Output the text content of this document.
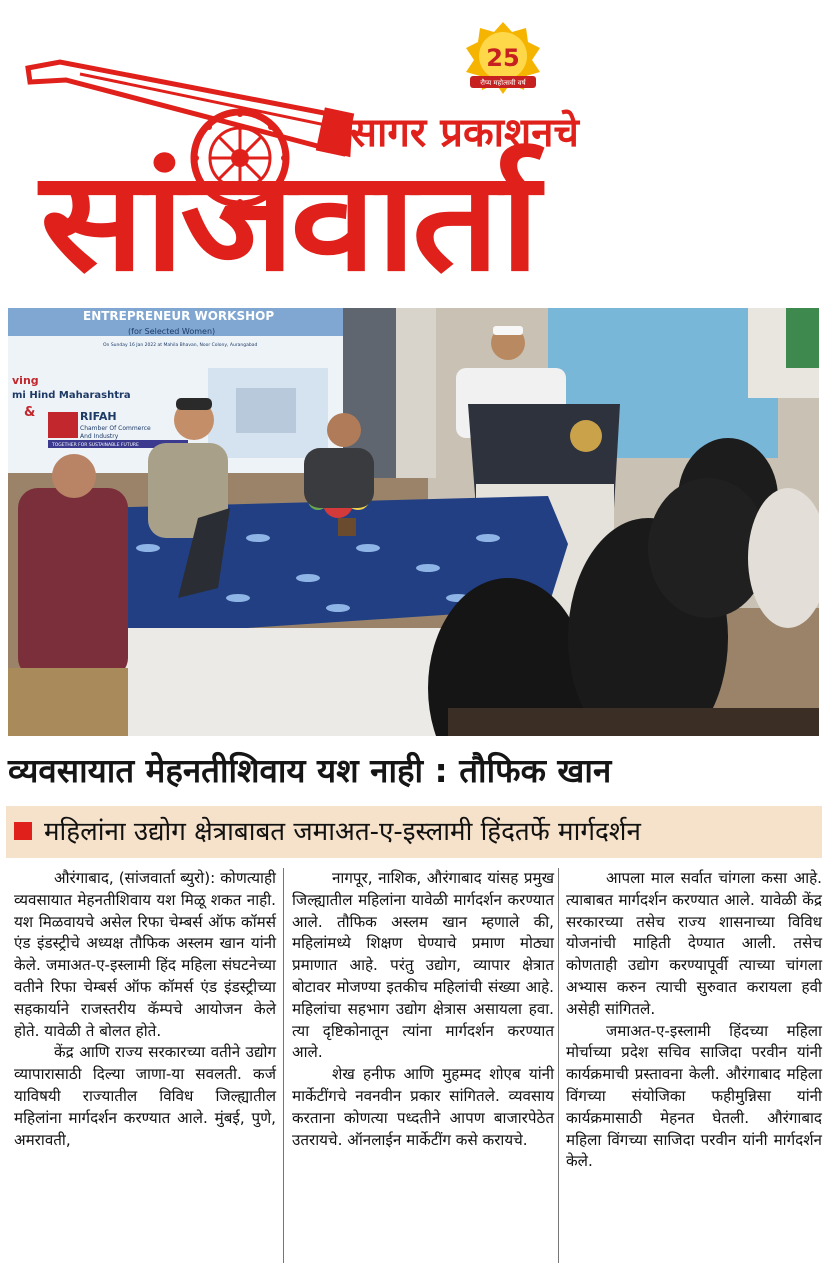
25
रौप्य महोत्सवी वर्ष
सागर प्रकाशनचे
सांजवार्ता
ENTREPRENEUR WORKSHOP
(for Selected Women)
On Sunday 16 Jan 2022 at Mahila Bhavan, Noor Colony, Aurangabad
ving
mi Hind Maharashtra
&	RIFAH
Chamber Of Commerce
And Industry
TOGETHER FOR SUSTAINABLE FUTURE
व्यवसायात मेहनतीशिवाय यश नाही : तौफिक खान
महिलांना उद्योग क्षेत्राबाबत जमाअत-ए-इस्लामी हिंदतर्फे मार्गदर्शन

औरंगाबाद, (सांजवार्ता ब्युरो): कोणत्याही व्यवसायात मेहनतीशिवाय यश मिळू शकत नाही. यश मिळवायचे असेल रिफा चेम्बर्स ऑफ कॉमर्स एंड इंडस्ट्रीचे अध्यक्ष तौफिक अस्लम खान यांनी केले. जमाअत-ए-इस्लामी हिंद महिला संघटनेच्या वतीने रिफा चेम्बर्स ऑफ कॉमर्स एंड इंडस्ट्रीच्या सहकार्याने राजस्तरीय कॅम्पचे आयोजन केले होते. यावेळी ते बोलत होते.

केंद्र आणि राज्य सरकारच्या वतीने उद्योग व्यापारासाठी दिल्या जाणा-या सवलती. कर्ज याविषयी राज्यातील विविध जिल्ह्यातील महिलांना मार्गदर्शन करण्यात आले. मुंबई, पुणे, अमरावती,

नागपूर, नाशिक, औरंगाबाद यांसह प्रमुख जिल्ह्यातील महिलांना यावेळी मार्गदर्शन करण्यात आले. तौफिक अस्लम खान म्हणाले की, महिलांमध्ये शिक्षण घेण्याचे प्रमाण मोठ्या प्रमाणात आहे. परंतु उद्योग, व्यापार क्षेत्रात बोटावर मोजण्या इतकीच महिलांची संख्या आहे. महिलांचा सहभाग उद्योग क्षेत्रास असायला हवा. त्या दृष्टिकोनातून त्यांना मार्गदर्शन करण्यात आले.

शेख हनीफ आणि मुहम्मद शोएब यांनी मार्केटींगचे नवनवीन प्रकार सांगितले. व्यवसाय करताना कोणत्या पध्दतीने आपण बाजारपेठेत उतरायचे. ऑनलाईन मार्केटींग कसे करायचे.

आपला माल सर्वात चांगला कसा आहे. त्याबाबत मार्गदर्शन करण्यात आले. यावेळी केंद्र सरकारच्या तसेच राज्य शासनाच्या विविध योजनांची माहिती देण्यात आली. तसेच कोणताही उद्योग करण्यापूर्वी त्याच्या चांगला अभ्यास करुन त्याची सुरुवात करायला हवी असेही सांगितले.

जमाअत-ए-इस्लामी हिंदच्या महिला मोर्चाच्या प्रदेश सचिव साजिदा परवीन यांनी कार्यक्रमाची प्रस्तावना केली. औरंगाबाद महिला विंगच्या संयोजिका फहीमुन्निसा यांनी कार्यक्रमासाठी मेहनत घेतली. औरंगाबाद महिला विंगच्या साजिदा परवीन यांनी मार्गदर्शन केले.
